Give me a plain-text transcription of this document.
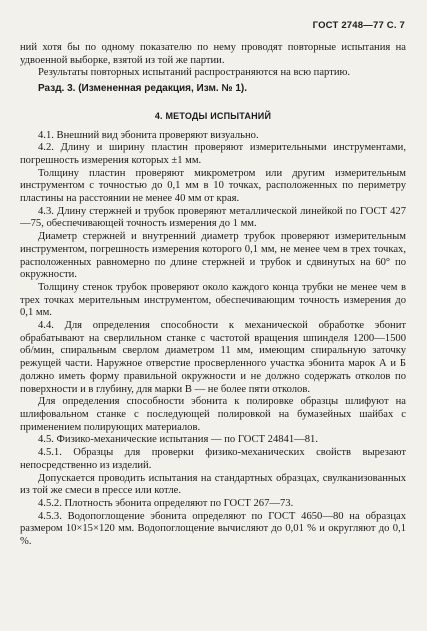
ГОСТ 2748—77 С. 7

ний хотя бы по одному показателю по нему проводят повторные испытания на удвоенной выборке, взятой из той же партии.

Результаты повторных испытаний распространяются на всю партию.

Разд. 3. (Измененная редакция, Изм. № 1).

4. МЕТОДЫ ИСПЫТАНИЙ

4.1. Внешний вид эбонита проверяют визуально.

4.2. Длину и ширину пластин проверяют измерительными инструментами, погрешность измерения которых ±1 мм.

Толщину пластин проверяют микрометром или другим измерительным инструментом с точностью до 0,1 мм в 10 точках, расположенных по периметру пластины на расстоянии не менее 40 мм от края.

4.3. Длину стержней и трубок проверяют металлической линейкой по ГОСТ 427—75, обеспечивающей точность измерения до 1 мм.

Диаметр стержней и внутренний диаметр трубок проверяют измерительным инструментом, погрешность измерения которого 0,1 мм, не менее чем в трех точках, расположенных равномерно по длине стержней и трубок и сдвинутых на 60° по окружности.

Толщину стенок трубок проверяют около каждого конца трубки не менее чем в трех точках мерительным инструментом, обеспечивающим точность измерения до 0,1 мм.

4.4. Для определения способности к механической обработке эбонит обрабатывают на сверлильном станке с частотой вращения шпинделя 1200—1500 об/мин, спиральным сверлом диаметром 11 мм, имеющим спиральную заточку режущей части. Наружное отверстие просверленного участка эбонита марок А и Б должно иметь форму правильной окружности и не должно содержать отколов по поверхности и в глубину, для марки В — не более пяти отколов.

Для определения способности эбонита к полировке образцы шлифуют на шлифовальном станке с последующей полировкой на бумазейных шайбах с применением полирующих материалов.

4.5. Физико-механические испытания — по ГОСТ 24841—81.

4.5.1. Образцы для проверки физико-механических свойств вырезают непосредственно из изделий.

Допускается проводить испытания на стандартных образцах, свулканизованных из той же смеси в прессе или котле.

4.5.2. Плотность эбонита определяют по ГОСТ 267—73.

4.5.3. Водопоглощение эбонита определяют по ГОСТ 4650—80 на образцах размером 10×15×120 мм. Водопоглощение вычисляют до 0,01 % и округляют до 0,1 %.
